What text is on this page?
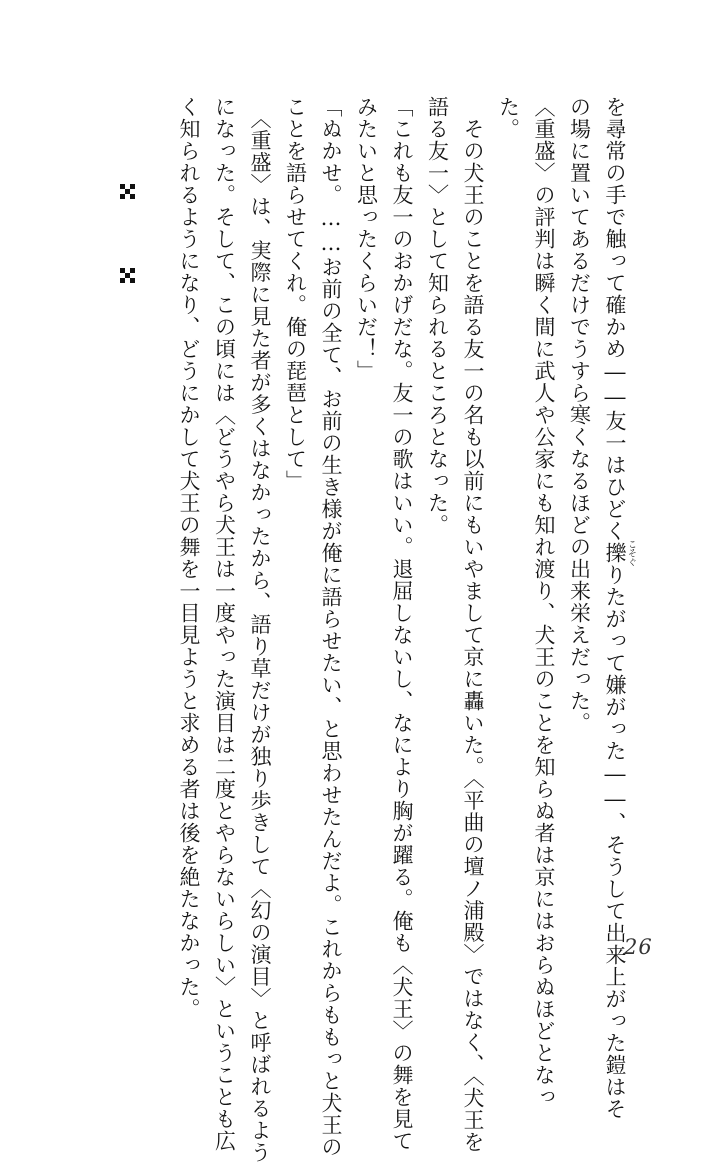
を尋常の手で触って確かめ――友一はひどく擽 こそぐりたがって嫌がった――、そうして出来上がった鎧はそ
の場に置いてあるだけでうすら寒くなるほどの出来栄えだった。
〈重盛〉の評判は瞬く間に武人や公家にも知れ渡り、犬王のことを知らぬ者は京にはおらぬほどとなっ
た。
　その犬王のことを語る友一の名も以前にもいやまして京に轟いた。〈平曲の壇ノ浦殿〉ではなく、〈犬王を
語る友一〉として知られるところとなった。
「これも友一のおかげだな。友一の歌はいい。退屈しないし、なにより胸が躍る。俺も〈犬王〉の舞を見て
みたいと思ったくらいだ！」
「ぬかせ。……お前の全て、お前の生き様が俺に語らせたい、と思わせたんだよ。これからももっと犬王の
ことを語らせてくれ。俺の琵琶として」
　〈重盛〉は、実際に見た者が多くはなかったから、語り草だけが独り歩きして〈幻の演目〉と呼ばれるよう
になった。そして、この頃には〈どうやら犬王は一度やった演目は二度とやらないらしい〉ということも広
く知られるようになり、どうにかして犬王の舞を一目見ようと求める者は後を絶たなかった。	26
